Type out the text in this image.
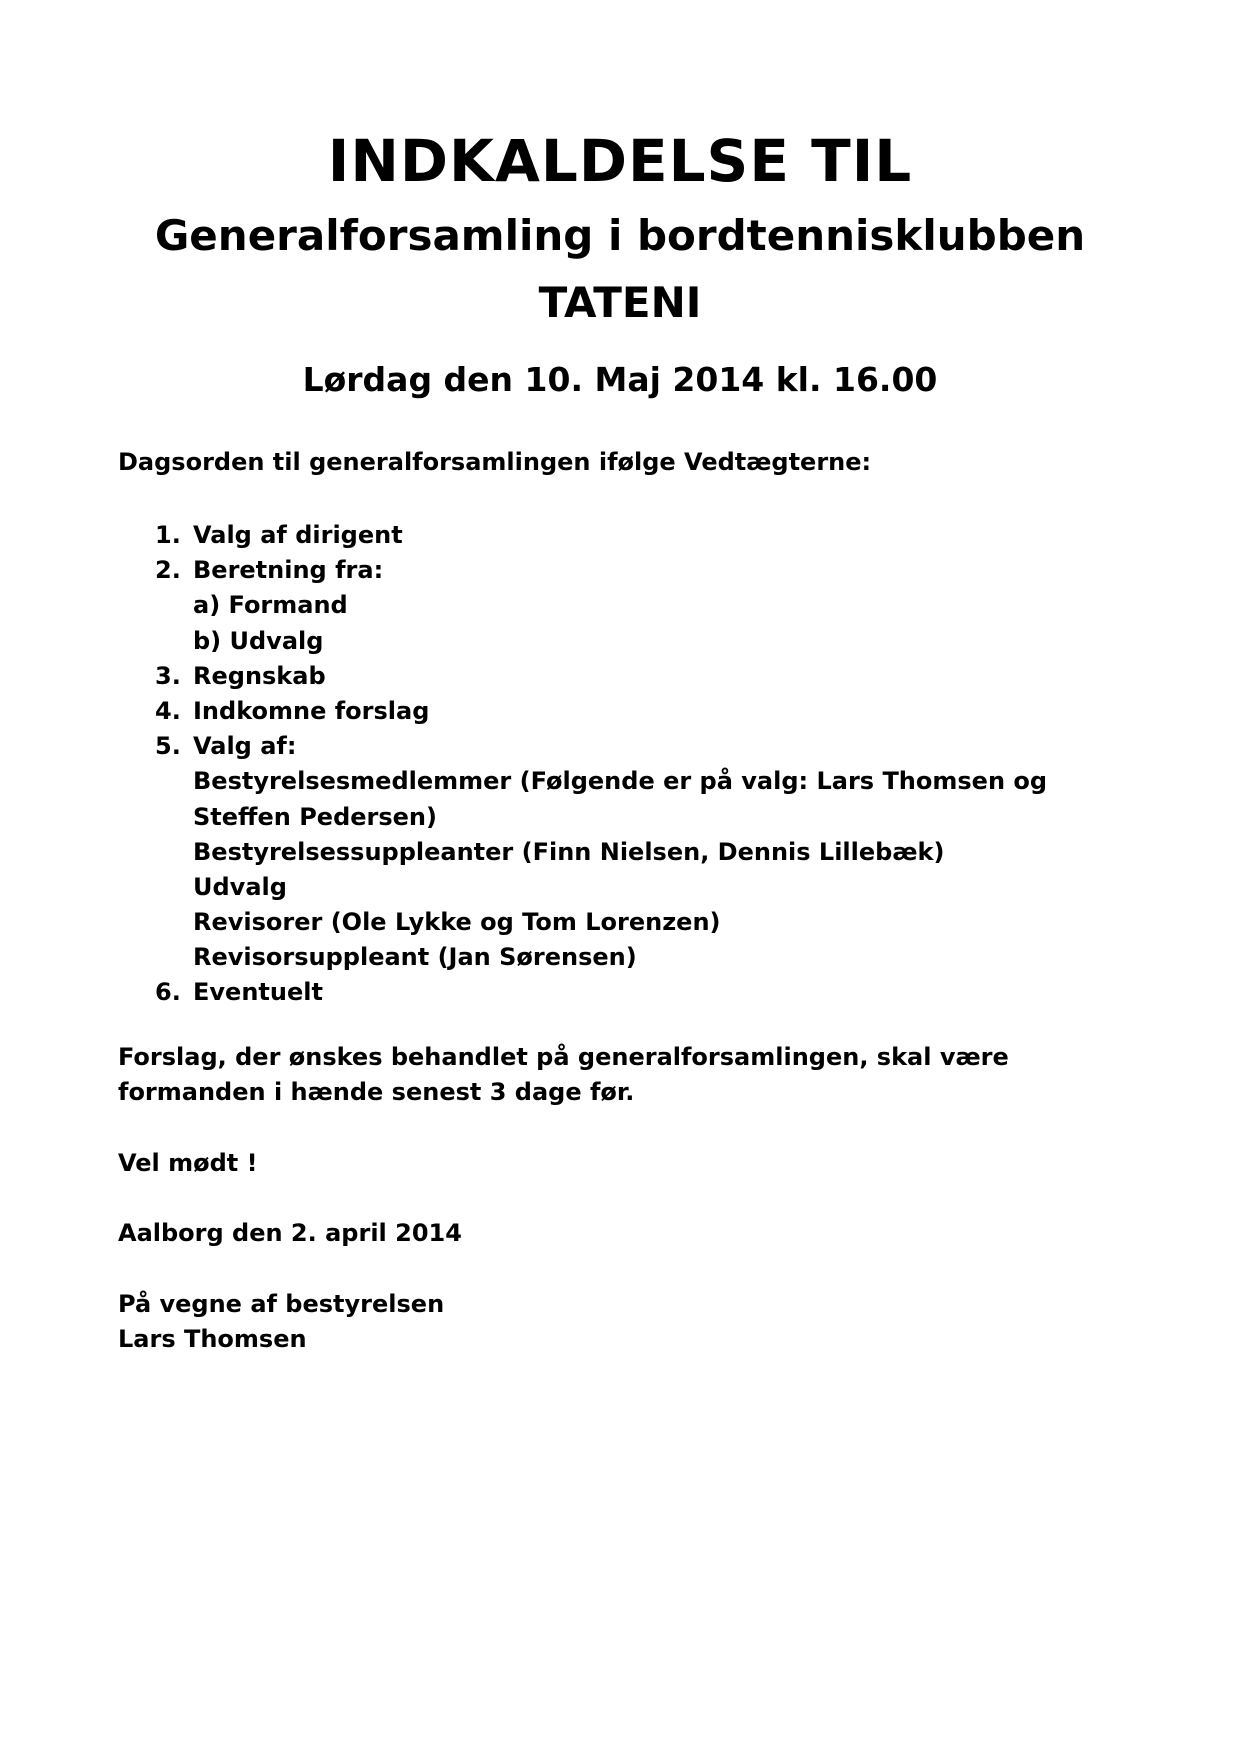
INDKALDELSE TIL
Generalforsamling i bordtennisklubben
TATENI
Lørdag den 10. Maj 2014 kl. 16.00
Dagsorden til generalforsamlingen ifølge Vedtægterne:
1. Valg af dirigent
2. Beretning fra:
a) Formand
b) Udvalg
3. Regnskab
4. Indkomne forslag
5. Valg af:
Bestyrelsesmedlemmer (Følgende er på valg: Lars Thomsen og
Steffen Pedersen)
Bestyrelsessuppleanter (Finn Nielsen, Dennis Lillebæk)
Udvalg
Revisorer (Ole Lykke og Tom Lorenzen)
Revisorsuppleant (Jan Sørensen)
6. Eventuelt
Forslag, der ønskes behandlet på generalforsamlingen, skal være
formanden i hænde senest 3 dage før.
Vel mødt !
Aalborg den 2. april 2014
På vegne af bestyrelsen
Lars Thomsen
